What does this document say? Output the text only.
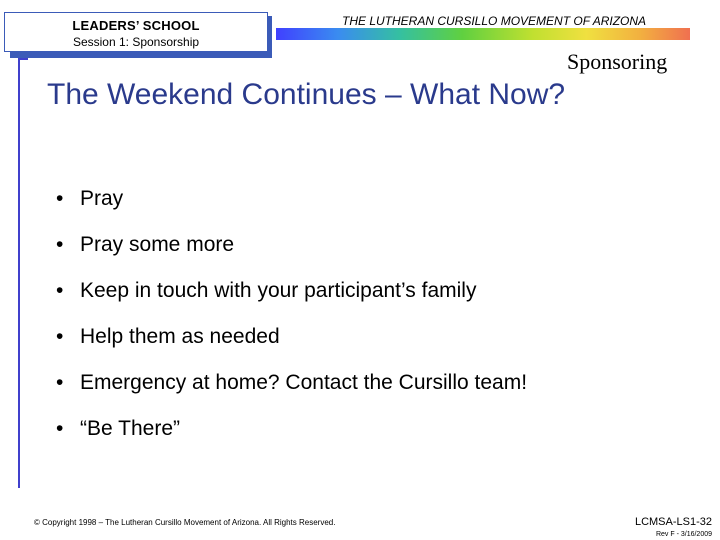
LEADERS’ SCHOOL
Session 1: Sponsorship
THE LUTHERAN CURSILLO MOVEMENT OF ARIZONA
Sponsoring
The Weekend Continues – What Now?
• Pray
• Pray some more
• Keep in touch with your participant’s family
• Help them as needed
• Emergency at home? Contact the Cursillo team!
• “Be There”
© Copyright 1998 – The Lutheran Cursillo Movement of Arizona. All Rights Reserved.	LCMSA-LS1-32
Rev F - 3/16/2009
